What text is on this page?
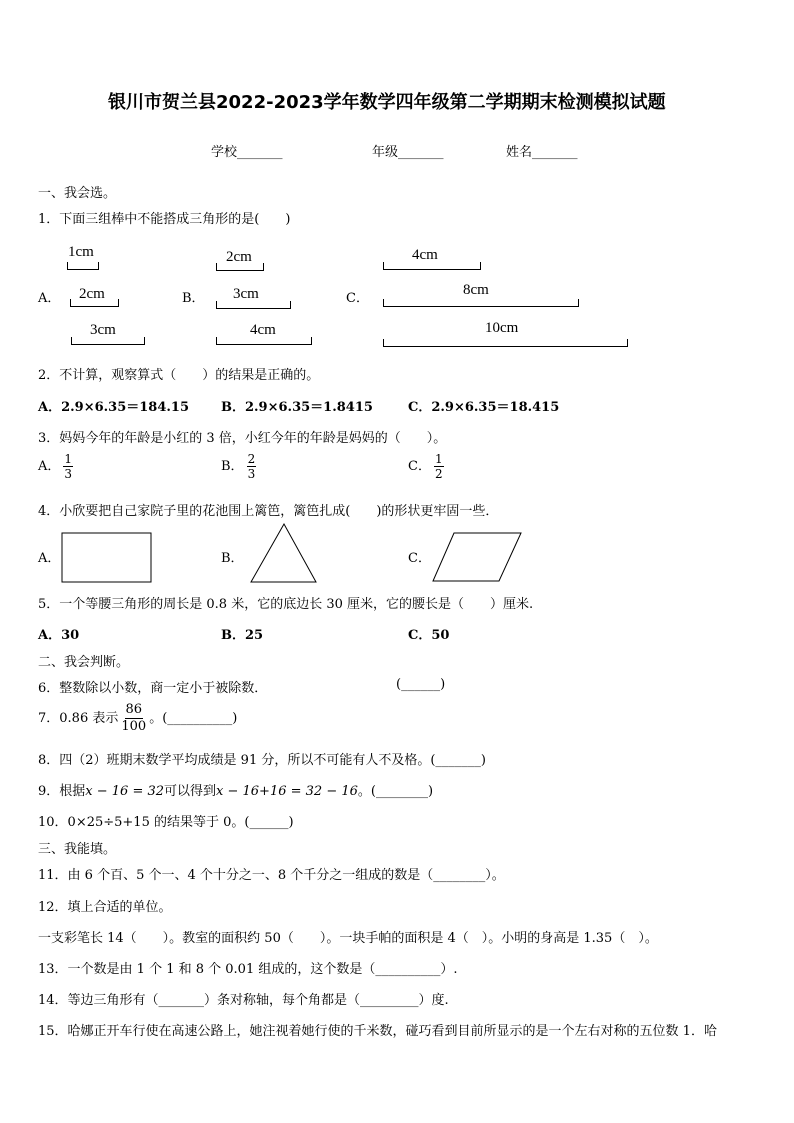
银川市贺兰县2022-2023学年数学四年级第二学期期末检测模拟试题
学校_______	年级_______	姓名_______
一、我会选。
1．下面三组棒中不能搭成三角形的是(　　)
A．	B．	C．
1cm
2cm
3cm
2cm
3cm
4cm
4cm
8cm
10cm
2．不计算，观察算式（　　）的结果是正确的。
A．2.9×6.35＝184.15 B．2.9×6.35＝1.8415	C．2.9×6.35＝18.415
3．妈妈今年的年龄是小红的 3 倍，小红今年的年龄是妈妈的（　　）。
A． $\frac{1}{3}$	B． $\frac{2}{3}$	C． $\frac{1}{2}$
4．小欣要把自己家院子里的花池围上篱笆，篱笆扎成(　　)的形状更牢固一些．
A．	B．	C．
5．一个等腰三角形的周长是 0.8 米，它的底边长 30 厘米，它的腰长是（　　）厘米.
A．30	B．25	C．50
二、我会判断。
6．整数除以小数，商一定小于被除数．	(______)
7．0.86 表示 $\frac{86}{100}$ 。(__________)
8．四（2）班期末数学平均成绩是 91 分，所以不可能有人不及格。(_______)
9．根据x − 16 = 32可以得到x − 16+16 = 32 − 16。(________)
10．0×25÷5+15 的结果等于 0。(______)
三、我能填。
11．由 6 个百、5 个一、4 个十分之一、8 个千分之一组成的数是（________）。
12．填上合适的单位。
一支彩笔长 14（　　）。教室的面积约 50（　　）。一块手帕的面积是 4（　）。小明的身高是 1.35（　）。
13．一个数是由 1 个 1 和 8 个 0.01 组成的，这个数是（__________）.
14．等边三角形有（_______）条对称轴，每个角都是（_________）度.
15．哈娜正开车行使在高速公路上，她注视着她行使的千米数，碰巧看到目前所显示的是一个左右对称的五位数 1．哈
